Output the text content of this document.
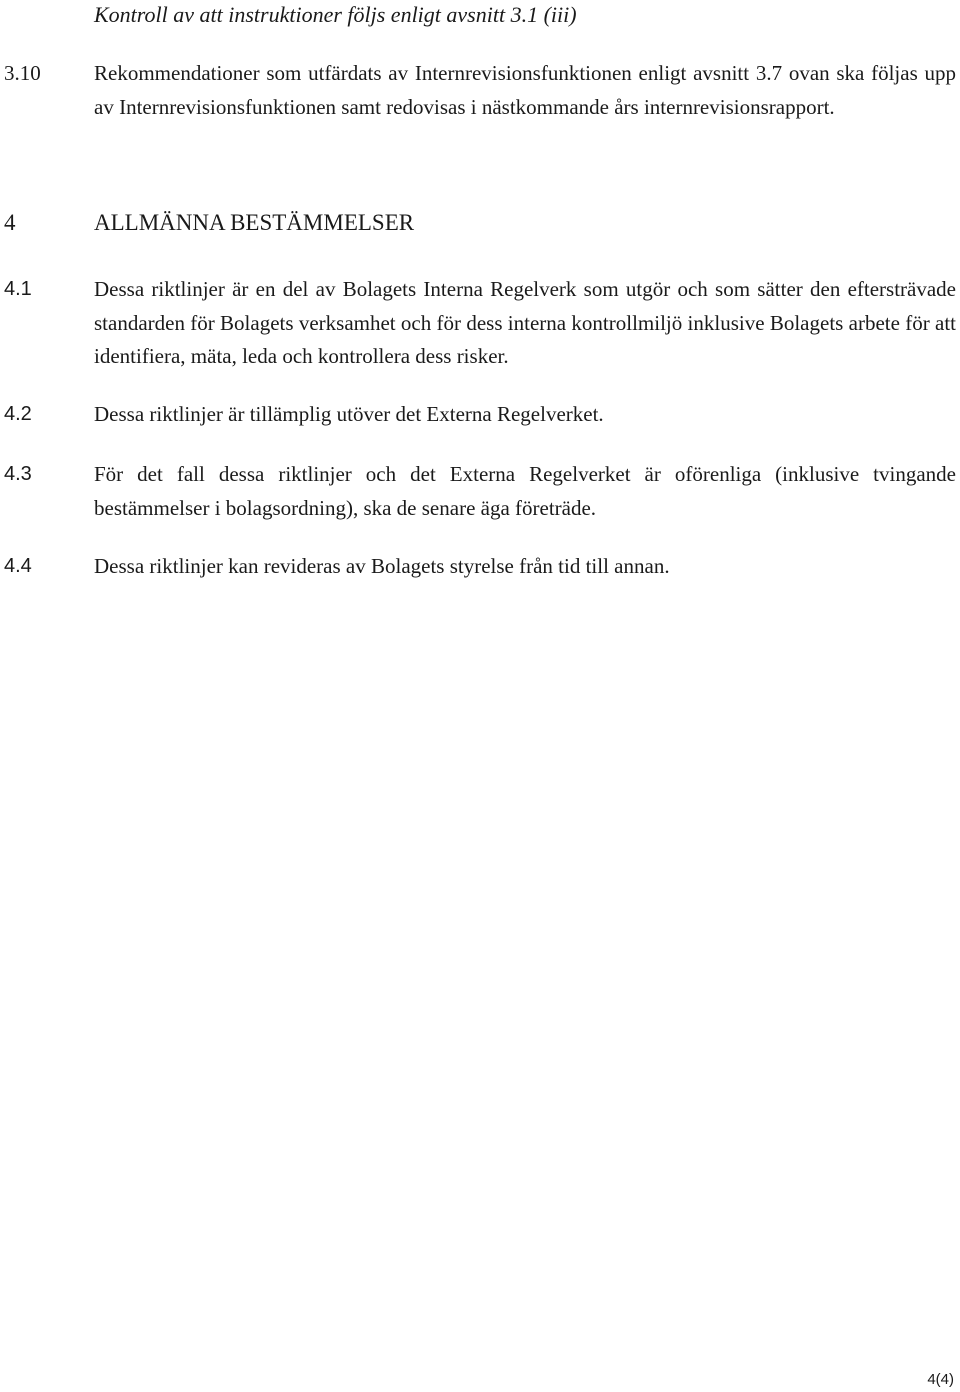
Kontroll av att instruktioner följs enligt avsnitt 3.1 (iii)
3.10	Rekommendationer som utfärdats av Internrevisionsfunktionen enligt avsnitt 3.7 ovan ska följas upp av Internrevisionsfunktionen samt redovisas i nästkommande års internrevisionsrapport.
4	ALLMÄNNA BESTÄMMELSER
4.1	Dessa riktlinjer är en del av Bolagets Interna Regelverk som utgör och som sätter den eftersträvade standarden för Bolagets verksamhet och för dess interna kontrollmiljö inklusive Bolagets arbete för att identifiera, mäta, leda och kontrollera dess risker.
4.2	Dessa riktlinjer är tillämplig utöver det Externa Regelverket.
4.3	För det fall dessa riktlinjer och det Externa Regelverket är oförenliga (inklusive tvingande bestämmelser i bolagsordning), ska de senare äga företräde.
4.4	Dessa riktlinjer kan revideras av Bolagets styrelse från tid till annan.
4(4)
